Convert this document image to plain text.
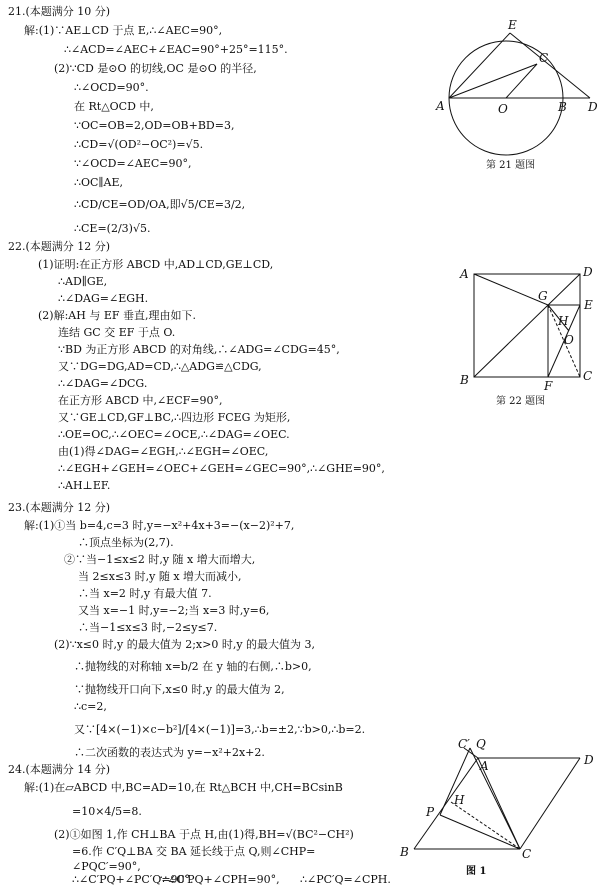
21.(本题满分 10 分)
解:(1)∵AE⊥CD 于点 E,∴∠AEC=90°,
∴∠ACD=∠AEC+∠EAC=90°+25°=115°.
(2)∵CD 是⊙O 的切线,OC 是⊙O 的半径,
∴∠OCD=90°.
在 Rt△OCD 中,
∵OC=OB=2,OD=OB+BD=3,
∴CD=√(OD²−OC²)=√5.
∵∠OCD=∠AEC=90°,
∴OC∥AE,
∴CD/CE=OD/OA,即√5/CE=3/2,
∴CE=(2/3)√5.
E
C
A	O	B D
第 21 题图
22.(本题满分 12 分)
(1)证明:在正方形 ABCD 中,AD⊥CD,GE⊥CD,
∴AD∥GE,
∴∠DAG=∠EGH.
(2)解:AH 与 EF 垂直,理由如下.
连结 GC 交 EF 于点 O.
∵BD 为正方形 ABCD 的对角线,∴∠ADG=∠CDG=45°,
又∵DG=DG,AD=CD,∴△ADG≌△CDG,
∴∠DAG=∠DCG.
在正方形 ABCD 中,∠ECF=90°,
又∵GE⊥CD,GF⊥BC,∴四边形 FCEG 为矩形,
∴OE=OC,∴∠OEC=∠OCE,∴∠DAG=∠OEC.
由(1)得∠DAG=∠EGH,∴∠EGH=∠OEC,
∴∠EGH+∠GEH=∠OEC+∠GEH=∠GEC=90°,∴∠GHE=90°,
∴AH⊥EF.
A	D
G
E
H
O
B	F
C
第 22 题图
23.(本题满分 12 分)
解:(1)①当 b=4,c=3 时,y=−x²+4x+3=−(x−2)²+7,
∴顶点坐标为(2,7).
②∵当−1≤x≤2 时,y 随 x 增大而增大,
当 2≤x≤3 时,y 随 x 增大而减小,
∴当 x=2 时,y 有最大值 7.
又当 x=−1 时,y=−2;当 x=3 时,y=6,
∴当−1≤x≤3 时,−2≤y≤7.
(2)∵x≤0 时,y 的最大值为 2;x>0 时,y 的最大值为 3,
∴抛物线的对称轴 x=b/2 在 y 轴的右侧,∴b>0,
∵抛物线开口向下,x≤0 时,y 的最大值为 2,
∴c=2,
又∵[4×(−1)×c−b²]/[4×(−1)]=3,∴b=±2,∵b>0,∴b=2.
∴二次函数的表达式为 y=−x²+2x+2.
24.(本题满分 14 分)
解:(1)在▱ABCD 中,BC=AD=10,在 Rt△BCH 中,CH=BCsinB
=10×4/5=8.
(2)①如图 1,作 CH⊥BA 于点 H,由(1)得,BH=√(BC²−CH²)
=6.作 C′Q⊥BA 交 BA 延长线于点 Q,则∠CHP=
∠PQC′=90°,
∴∠C′PQ+∠PC′Q=90°.
∵∠C′PQ+∠CPH=90°, ∴∠PC′Q=∠CPH.
C′ Q
A	D
P
H
B	C
图 1
